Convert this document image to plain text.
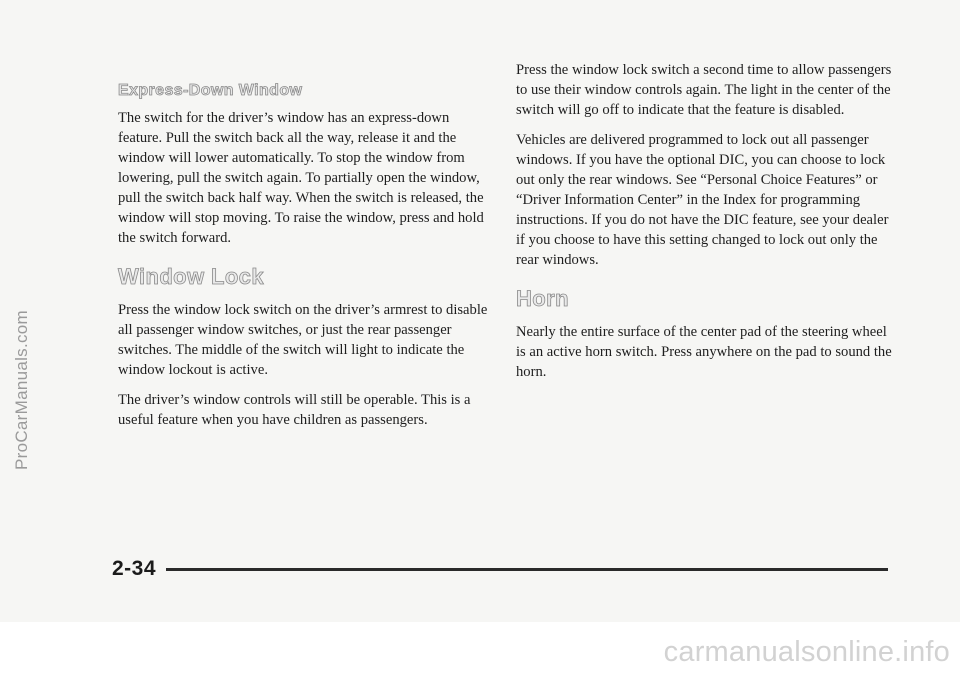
ProCarManuals.com
Express-Down Window

The switch for the driver’s window has an express-down feature. Pull the switch back all the way, release it and the window will lower automatically. To stop the window from lowering, pull the switch again. To partially open the window, pull the switch back half way. When the switch is released, the window will stop moving. To raise the window, press and hold the switch forward.

Window Lock

Press the window lock switch on the driver’s armrest to disable all passenger window switches, or just the rear passenger switches. The middle of the switch will light to indicate the window lockout is active.

The driver’s window controls will still be operable. This is a useful feature when you have children as passengers.

Press the window lock switch a second time to allow passengers to use their window controls again. The light in the center of the switch will go off to indicate that the feature is disabled.

Vehicles are delivered programmed to lock out all passenger windows. If you have the optional DIC, you can choose to lock out only the rear windows. See “Personal Choice Features” or “Driver Information Center” in the Index for programming instructions. If you do not have the DIC feature, see your dealer if you choose to have this setting changed to lock out only the rear windows.

Horn

Nearly the entire surface of the center pad of the steering wheel is an active horn switch. Press anywhere on the pad to sound the horn.

2-34
carmanualsonline.info
